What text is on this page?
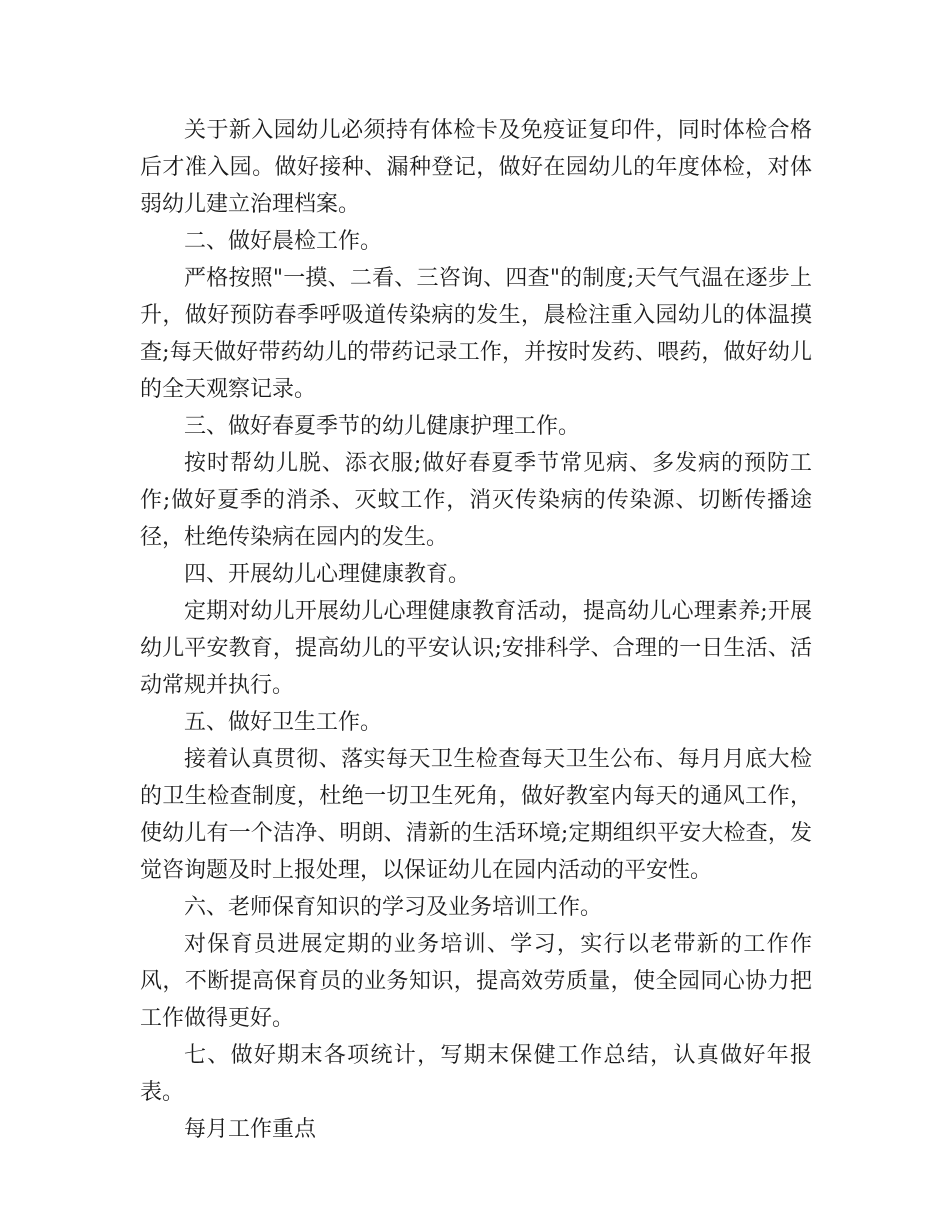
关于新入园幼儿必须持有体检卡及免疫证复印件，同时体检合格后才准入园。做好接种、漏种登记，做好在园幼儿的年度体检，对体弱幼儿建立治理档案。

二、做好晨检工作。

严格按照"一摸、二看、三咨询、四查"的制度;天气气温在逐步上升，做好预防春季呼吸道传染病的发生，晨检注重入园幼儿的体温摸查;每天做好带药幼儿的带药记录工作，并按时发药、喂药，做好幼儿的全天观察记录。

三、做好春夏季节的幼儿健康护理工作。

按时帮幼儿脱、添衣服;做好春夏季节常见病、多发病的预防工作;做好夏季的消杀、灭蚊工作，消灭传染病的传染源、切断传播途径，杜绝传染病在园内的发生。

四、开展幼儿心理健康教育。

定期对幼儿开展幼儿心理健康教育活动，提高幼儿心理素养;开展幼儿平安教育，提高幼儿的平安认识;安排科学、合理的一日生活、活动常规并执行。

五、做好卫生工作。

接着认真贯彻、落实每天卫生检查每天卫生公布、每月月底大检的卫生检查制度，杜绝一切卫生死角，做好教室内每天的通风工作，使幼儿有一个洁净、明朗、清新的生活环境;定期组织平安大检查，发觉咨询题及时上报处理，以保证幼儿在园内活动的平安性。

六、老师保育知识的学习及业务培训工作。

对保育员进展定期的业务培训、学习，实行以老带新的工作作风，不断提高保育员的业务知识，提高效劳质量，使全园同心协力把工作做得更好。

七、做好期末各项统计，写期末保健工作总结，认真做好年报表。

每月工作重点
